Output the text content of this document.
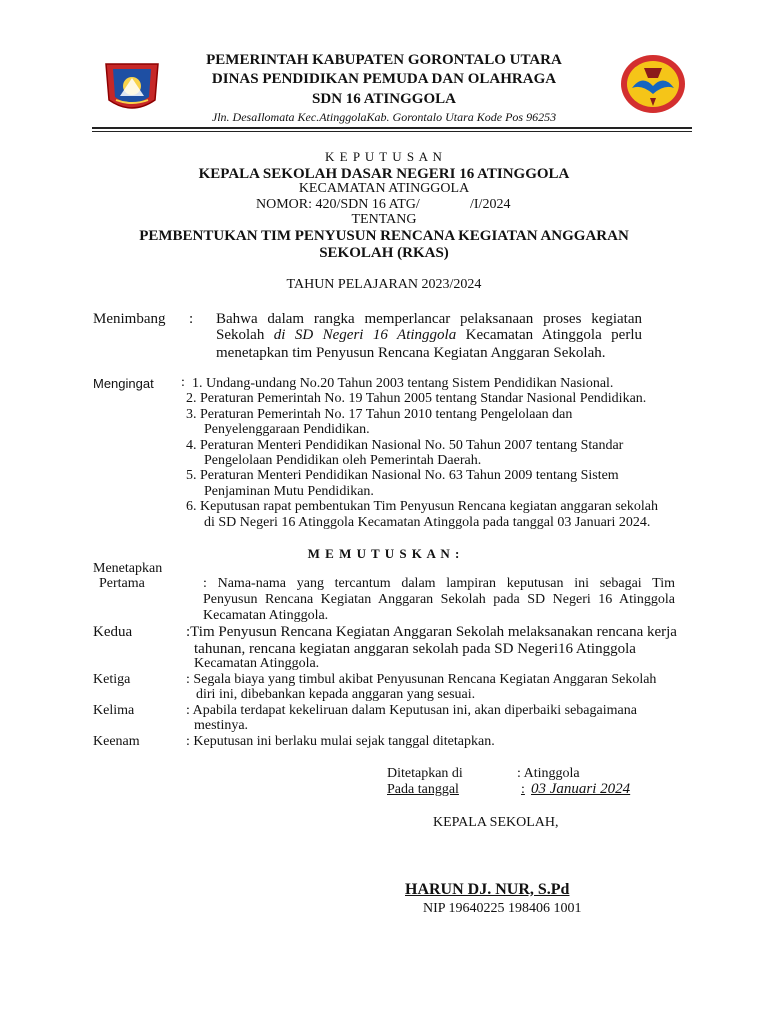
PEMERINTAH KABUPATEN GORONTALO UTARA
DINAS PENDIDIKAN PEMUDA DAN OLAHRAGA
SDN 16 ATINGGOLA
Jln. DesaIlomata Kec.AtinggolaKab. Gorontalo Utara Kode Pos 96253
K E P U T U S A N
KEPALA SEKOLAH DASAR NEGERI 16 ATINGGOLA
KECAMATAN ATINGGOLA
NOMOR: 420/SDN 16 ATG/	/I/2024
TENTANG
PEMBENTUKAN TIM PENYUSUN RENCANA KEGIATAN ANGGARAN
SEKOLAH (RKAS)
TAHUN PELAJARAN 2023/2024
Menimbang : Bahwa dalam rangka memperlancar pelaksanaan proses kegiatan
Sekolah di SD Negeri 16 Atinggola Kecamatan Atinggola perlu
menetapkan tim Penyusun Rencana Kegiatan Anggaran Sekolah.
Mengingat : 1. Undang-undang No.20 Tahun 2003 tentang Sistem Pendidikan Nasional.
2. Peraturan Pemerintah No. 19 Tahun 2005 tentang Standar Nasional Pendidikan.
3. Peraturan Pemerintah No. 17 Tahun 2010 tentang Pengelolaan dan
Penyelenggaraan Pendidikan.
4. Peraturan Menteri Pendidikan Nasional No. 50 Tahun 2007 tentang Standar
Pengelolaan Pendidikan oleh Pemerintah Daerah.
5. Peraturan Menteri Pendidikan Nasional No. 63 Tahun 2009 tentang Sistem
Penjaminan Mutu Pendidikan.
6. Keputusan rapat pembentukan Tim Penyusun Rencana kegiatan anggaran sekolah
di SD Negeri 16 Atinggola Kecamatan Atinggola pada tanggal 03 Januari 2024.
M E M U T U S K A N :
Menetapkan
Pertama	: Nama-nama yang tercantum dalam lampiran keputusan ini sebagai Tim
Penyusun Rencana Kegiatan Anggaran Sekolah pada SD Negeri 16 Atinggola
Kecamatan Atinggola.
Kedua	:Tim Penyusun Rencana Kegiatan Anggaran Sekolah melaksanakan rencana kerja
tahunan, rencana kegiatan anggaran sekolah pada SD Negeri16 Atinggola
Kecamatan Atinggola.
Ketiga	: Segala biaya yang timbul akibat Penyusunan Rencana Kegiatan Anggaran Sekolah
diri ini, dibebankan kepada anggaran yang sesuai.
Kelima	: Apabila terdapat kekeliruan dalam Keputusan ini, akan diperbaiki sebagaimana
mestinya.
Keenam	: Keputusan ini berlaku mulai sejak tanggal ditetapkan.
Ditetapkan di	: Atinggola
Pada tanggal	: 03 Januari 2024
KEPALA SEKOLAH,
HARUN DJ. NUR, S.Pd
NIP 19640225 198406 1001
